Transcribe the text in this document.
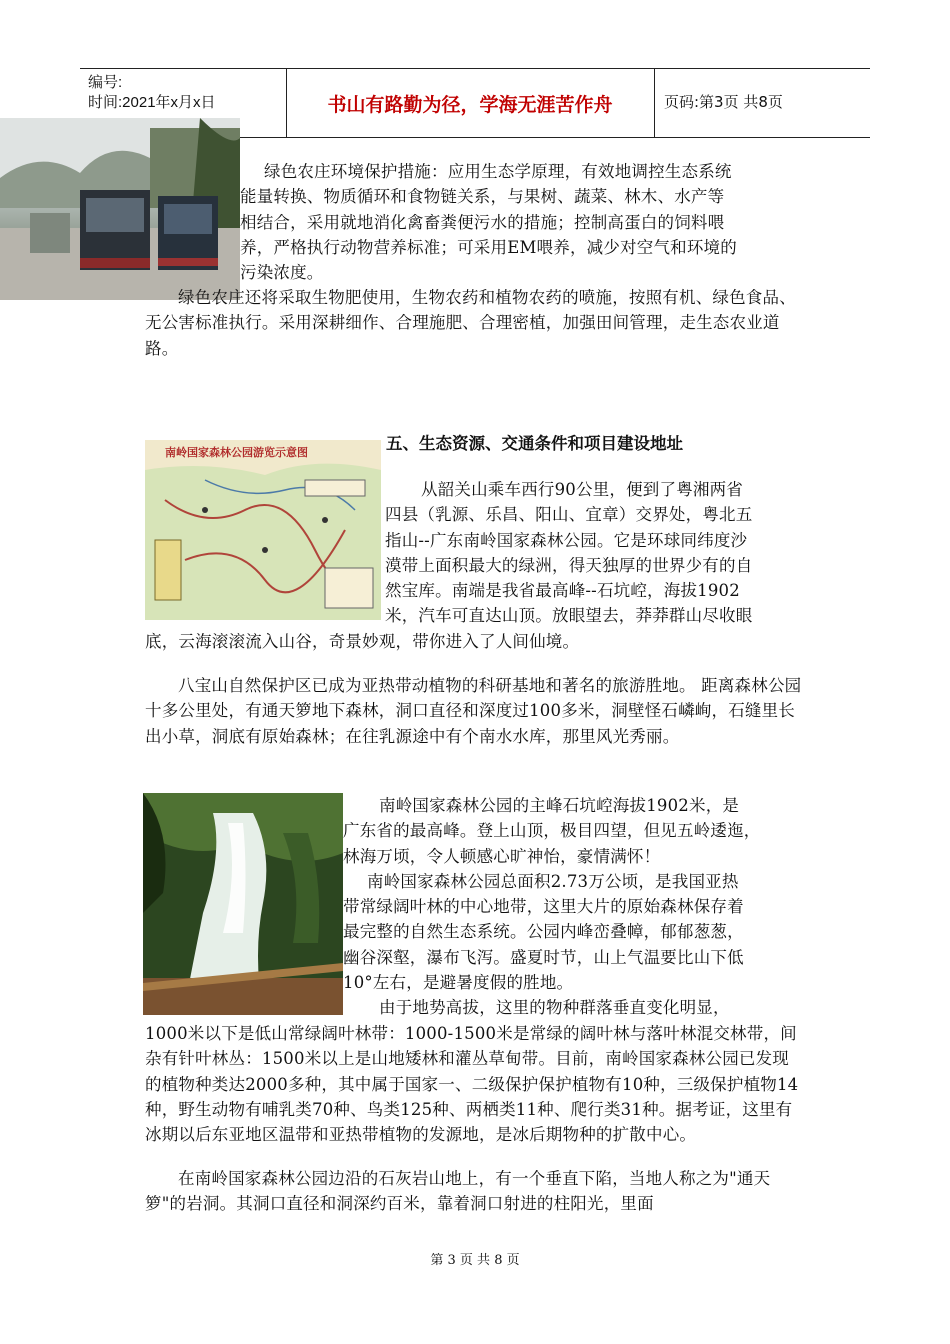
编号:
时间:2021年x月x日	书山有路勤为径，学海无涯苦作舟	页码:第3页 共8页
绿色农庄环境保护措施：应用生态学原理，有效地调控生态系统
能量转换、物质循环和食物链关系，与果树、蔬菜、林木、水产等
相结合，采用就地消化禽畜粪便污水的措施；控制高蛋白的饲料喂
养，严格执行动物营养标准；可采用EM喂养，减少对空气和环境的
污染浓度。

绿色农庄还将采取生物肥使用，生物农药和植物农药的喷施，按照有机、绿色食品、无公害标准执行。采用深耕细作、合理施肥、合理密植，加强田间管理，走生态农业道路。

五、生态资源、交通条件和项目建设地址
南岭国家森林公园游览示意图
从韶关山乘车西行90公里，便到了粤湘两省
四县（乳源、乐昌、阳山、宜章）交界处，粤北五
指山--广东南岭国家森林公园。它是环球同纬度沙
漠带上面积最大的绿洲，得天独厚的世界少有的自
然宝库。南端是我省最高峰--石坑崆，海拔1902
米，汽车可直达山顶。放眼望去，莽莽群山尽收眼
底，云海滚滚流入山谷，奇景妙观，带你进入了人间仙境。

八宝山自然保护区已成为亚热带动植物的科研基地和著名的旅游胜地。 距离森林公园十多公里处，有通天箩地下森林，洞口直径和深度过100多米，洞壁怪石嶙峋，石缝里长出小草，洞底有原始森林；在往乳源途中有个南水水库，那里风光秀丽。

南岭国家森林公园的主峰石坑崆海拔1902米，是
广东省的最高峰。登上山顶，极目四望，但见五岭逶迤，
林海万顷，令人顿感心旷神怡，豪情满怀！
南岭国家森林公园总面积2.73万公顷，是我国亚热
带常绿阔叶林的中心地带，这里大片的原始森林保存着
最完整的自然生态系统。公园内峰峦叠幛，郁郁葱葱，
幽谷深壑，瀑布飞泻。盛夏时节，山上气温要比山下低
10°左右，是避暑度假的胜地。
由于地势高拔，这里的物种群落垂直变化明显，
1000米以下是低山常绿阔叶林带：1000-1500米是常绿的阔叶林与落叶林混交林带，间杂有针叶林丛：1500米以上是山地矮林和灌丛草甸带。目前，南岭国家森林公园已发现的植物种类达2000多种，其中属于国家一、二级保护保护植物有10种，三级保护植物14种，野生动物有哺乳类70种、鸟类125种、两栖类11种、爬行类31种。据考证，这里有冰期以后东亚地区温带和亚热带植物的发源地，是冰后期物种的扩散中心。

在南岭国家森林公园边沿的石灰岩山地上，有一个垂直下陷，当地人称之为"通天箩"的岩洞。其洞口直径和洞深约百米，靠着洞口射进的柱阳光，里面

第 3 页 共 8 页
